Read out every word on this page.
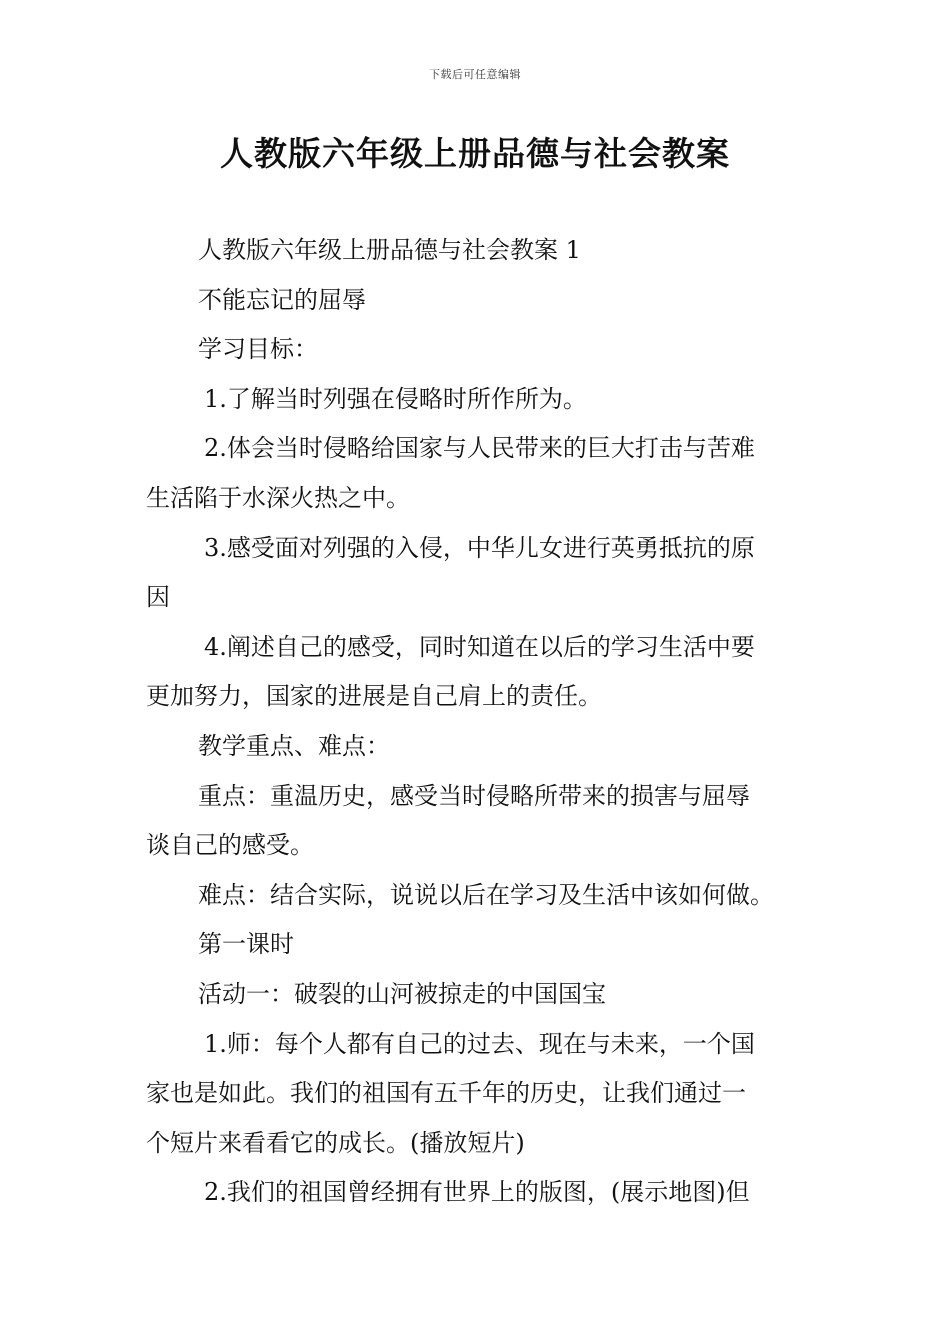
下载后可任意编辑
人教版六年级上册品德与社会教案
人教版六年级上册品德与社会教案 1
不能忘记的屈辱
学习目标：
1.了解当时列强在侵略时所作所为。
2.体会当时侵略给国家与人民带来的巨大打击与苦难
生活陷于水深火热之中。
3.感受面对列强的入侵，中华儿女进行英勇抵抗的原
因
4.阐述自己的感受，同时知道在以后的学习生活中要
更加努力，国家的进展是自己肩上的责任。
教学重点、难点：
重点：重温历史，感受当时侵略所带来的损害与屈辱
谈自己的感受。
难点：结合实际，说说以后在学习及生活中该如何做。
第一课时
活动一：破裂的山河被掠走的中国国宝
1.师：每个人都有自己的过去、现在与未来，一个国
家也是如此。我们的祖国有五千年的历史，让我们通过一
个短片来看看它的成长。(播放短片)
2.我们的祖国曾经拥有世界上的版图，(展示地图)但
